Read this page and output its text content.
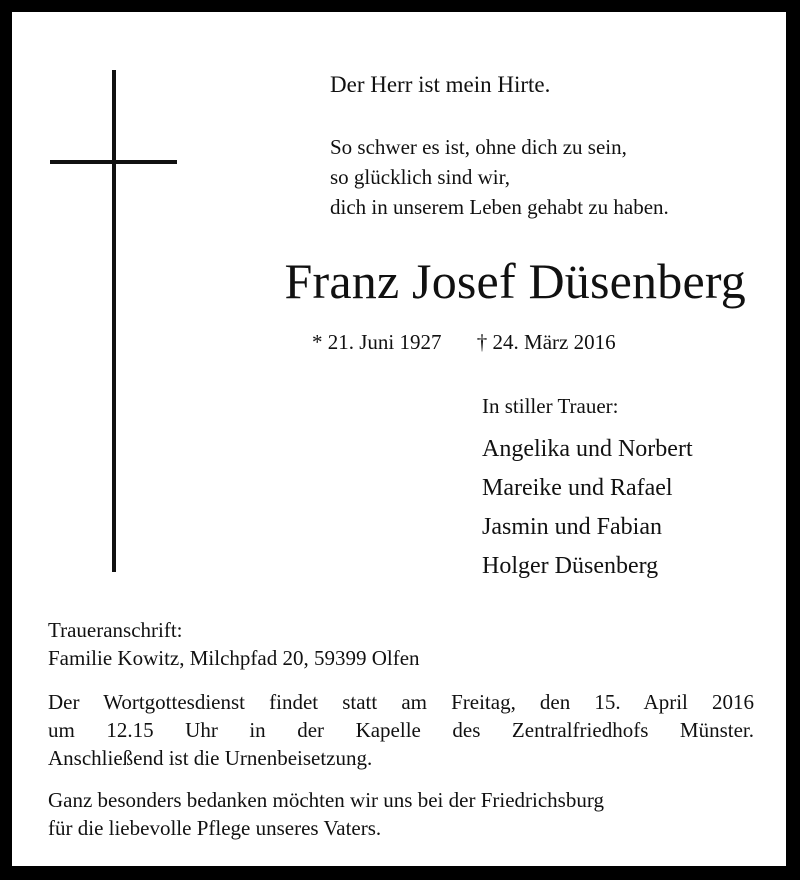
Der Herr ist mein Hirte.
So schwer es ist, ohne dich zu sein,
so glücklich sind wir,
dich in unserem Leben gehabt zu haben.
Franz Josef Düsenberg
* 21. Juni 1927 † 24. März 2016
In stiller Trauer:
Angelika und Norbert
Mareike und Rafael
Jasmin und Fabian
Holger Düsenberg
Traueranschrift:
Familie Kowitz, Milchpfad 20, 59399 Olfen
Der Wortgottesdienst findet statt am Freitag, den 15. April 2016
um 12.15 Uhr in der Kapelle des Zentralfriedhofs Münster.
Anschließend ist die Urnenbeisetzung.
Ganz besonders bedanken möchten wir uns bei der Friedrichsburg
für die liebevolle Pflege unseres Vaters.
